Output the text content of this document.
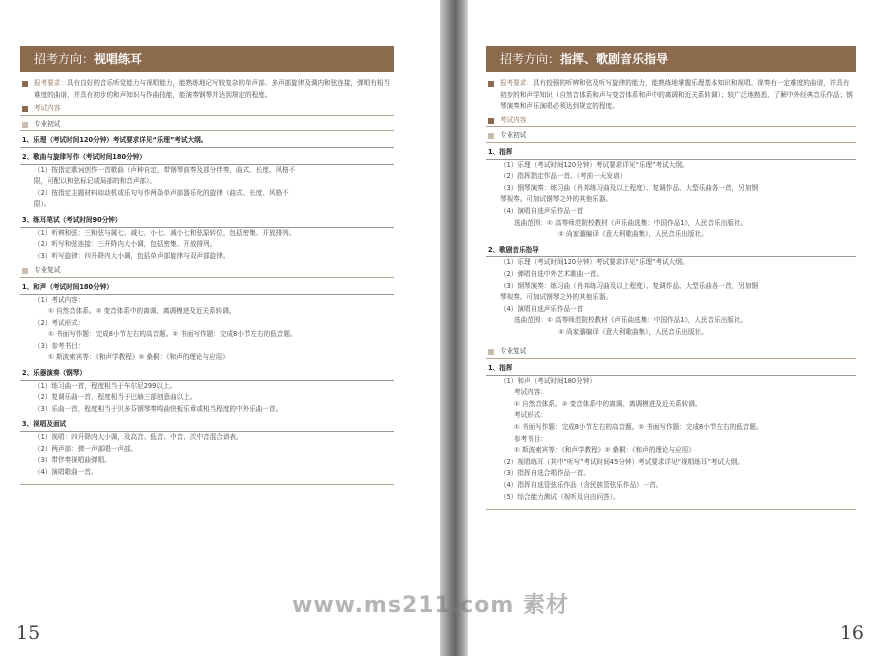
招考方向：视唱练耳
报考要求：具有良好的音乐听觉能力与视唱能力，能熟练地记写较复杂的单声部、多声部旋律及调内和弦连接，弹唱有相当难度的曲谱，并具有初步的和声知识与作曲技能，能演奏钢琴并达到规定的程度。
考试内容
专业初试
1、乐理（考试时间120分钟）考试要求详见“乐理”考试大纲。
2、歌曲与旋律写作（考试时间180分钟）
（1）按指定歌词创作一首歌曲（声种自定，带钢琴前奏及部分伴奏，曲式、长度、风格不
限，可配以和弦标记或局部的和音声部）。
（2）按指定主题材料如动机或乐句写作两条单声部器乐化的旋律（曲式、长度、风格不
限）。
3、练耳笔试（考试时间90分钟）
（1）听辨和弦：三和弦与属七、减七、小七、减小七和弦原转位，包括密集、开放排列。
（2）听写和弦连接：三升降内大小调，包括密集、开放排列。
（3）听写旋律：四升降内大小调，包括单声部旋律与双声部旋律。
专业复试
1、和声（考试时间180分钟）
（1）考试内容：
① 自然音体系。② 变音体系中的离调、离调模进及近关系转调。
（2）考试形式：
① 书面写作题：完成8小节左右的高音题。② 书面写作题：完成8小节左右的低音题。
（3）参考书目：
① 斯波索宾等：《和声学教程》② 桑桐：《和声的理论与应用》
2、乐器演奏（钢琴）
（1）练习曲一首，程度相当于车尔尼299以上。
（2）复调乐曲一首，程度相当于巴赫三部创意曲以上。
（3）乐曲一首，程度相当于贝多芬钢琴奏鸣曲快板乐章或相当程度的中外乐曲一首。
3、视唱及面试
（1）视唱：四升降内大小调，及高音、低音、中音、次中音混合谱表。
（2）两声部：弹一声部唱一声部。
（3）带伴奏视唱曲弹唱。
（4）演唱歌曲一首。
15
招考方向：指挥、歌剧音乐指导
报考要求：具有较强的听辨和弦及听写旋律的能力，能熟练地掌握乐理基本知识和视唱。视奏有一定难度的曲谱，并具有初步的和声学知识（自然音体系和声与变音体系和声中的离调和近关系转调）；较广泛地熟悉、了解中外经典音乐作品；钢琴演奏和声乐演唱必须达到规定的程度。
考试内容
专业初试
1、指挥
（1）乐理（考试时间120分钟）考试要求详见“乐理”考试大纲。
（2）指挥指定作品一首。（考前一天发谱）
（3）钢琴演奏：练习曲（肖邦练习曲及以上程度）、复调作品、大型乐曲各一首，另加钢
琴视奏。可加试钢琴之外的其他乐器。
（4）演唱自选声乐作品一首
选曲范围：① 高等师范院校教材《声乐曲选集：中国作品1》，人民音乐出版社。
② 尚家骧编译《意大利歌曲集》，人民音乐出版社。
2、歌剧音乐指导
（1）乐理（考试时间120分钟）考试要求详见“乐理”考试大纲。
（2）弹唱自选中外艺术歌曲一首。
（3）钢琴演奏：练习曲（肖邦练习曲及以上程度）、复调作品、大型乐曲各一首，另加钢
琴视奏。可加试钢琴之外的其他乐器。
（4）演唱自选声乐作品一首
选曲范围：① 高等师范院校教材《声乐曲选集：中国作品1》，人民音乐出版社。
② 尚家骧编译《意大利歌曲集》，人民音乐出版社。
专业复试
1、指挥
（1）和声（考试时间180分钟）
考试内容：
① 自然音体系。② 变音体系中的离调、离调模进及近关系转调。
考试形式：
① 书面写作题：完成8小节左右的高音题。② 书面写作题：完成8小节左右的低音题。
参考书目：
① 斯波索宾等：《和声学教程》② 桑桐：《和声的理论与应用》
（2）视唱练耳（其中“听写”考试时间45分钟）考试要求详见“视唱练耳”考试大纲。
（3）指挥自选合唱作品一首。
（4）指挥自选管弦乐作品（含民族管弦乐作品）一首。
（5）综合能力测试（视听及自由问答）。
16
www.ms211.com 素材
